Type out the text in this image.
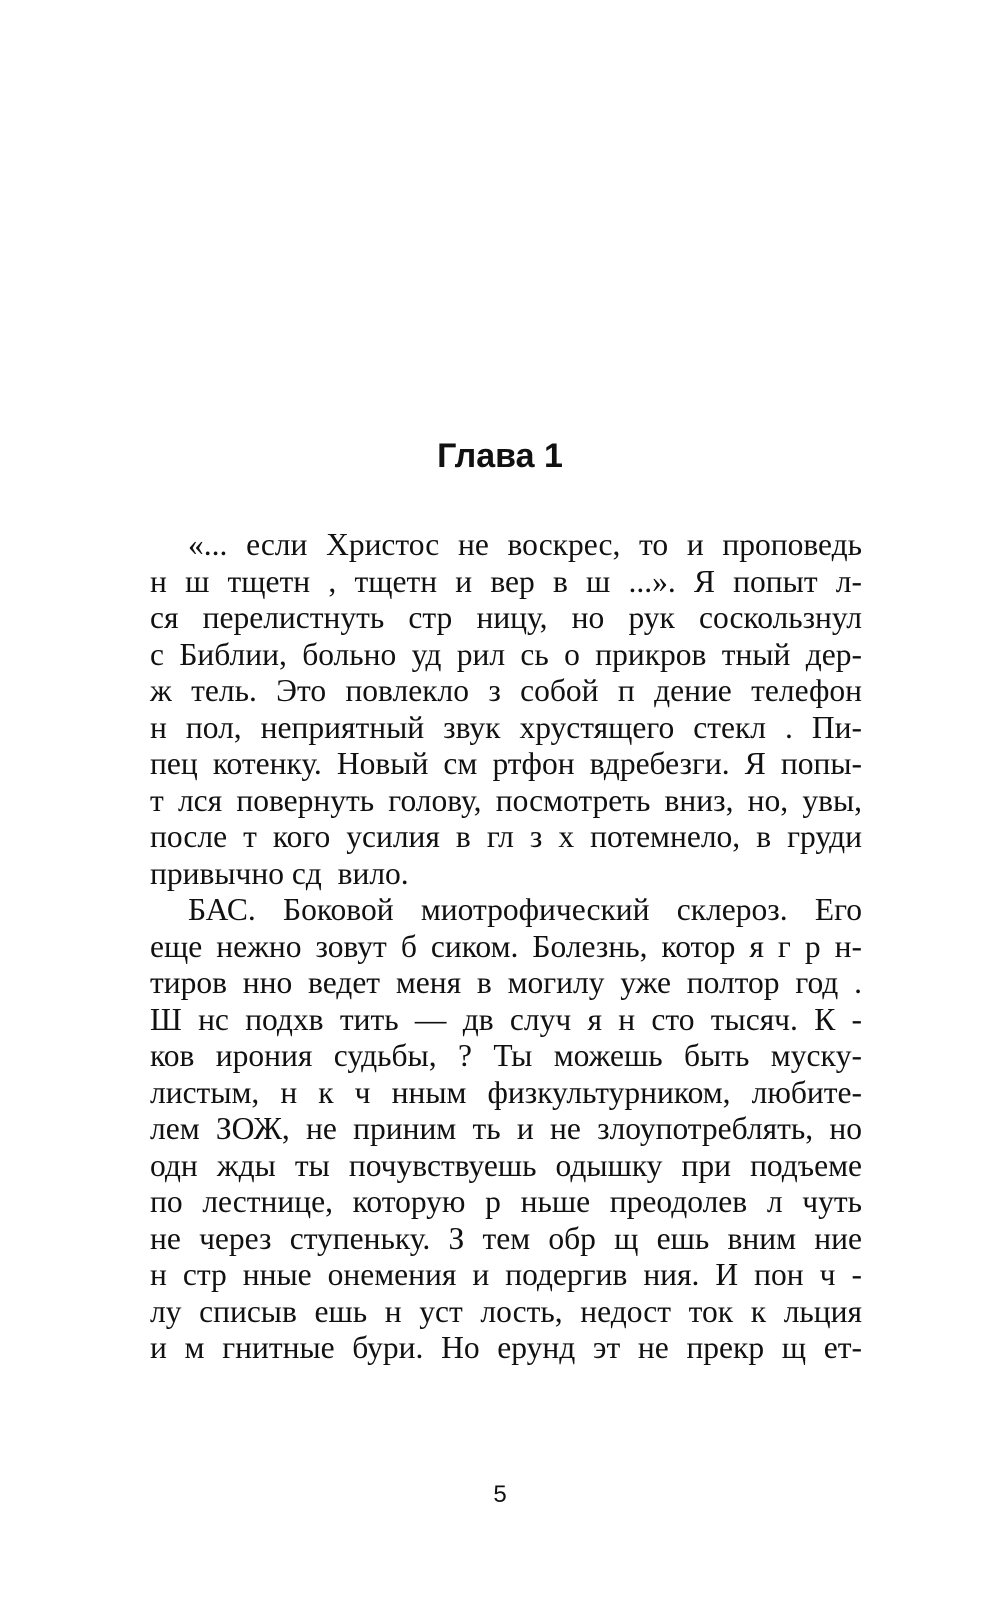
Глава 1
«... если Христос не воскрес, то и проповедь
н ш тщетн , тщетн и вер в ш ...». Я попыт л-
ся перелистнуть стр ницу, но рук соскользнул
с Библии, больно уд рил сь о прикров тный дер-
ж тель. Это повлекло з собой п дение телефон
н пол, неприятный звук хрустящего стекл . Пи-
пец котенку. Новый см ртфон вдребезги. Я попы-
т лся повернуть голову, посмотреть вниз, но, увы,
после т кого усилия в гл з х потемнело, в груди
привычно сд  вило.
БАС. Боковой миотрофический склероз. Его
еще нежно зовут б сиком. Болезнь, котор я г р н-
тиров нно ведет меня в могилу уже полтор год .
Ш нс подхв тить — дв случ я н сто тысяч. К -
ков ирония судьбы, ? Ты можешь быть мускy-
листым, н к ч нным физкультурником, любите-
лем ЗОЖ, не приним ть и не злоупотреблять, но
одн жды ты почувствуешь одышку при подъеме
по лестнице, которую р ньше преодолев л чуть
не через ступеньку. З тем обр щ ешь вним ние
н стр нные онемения и подергив ния. И пон ч -
лу списыв ешь н уст лость, недост ток к льция
и м гнитные бури. Но ерунд эт не прекр щ ет-
5
